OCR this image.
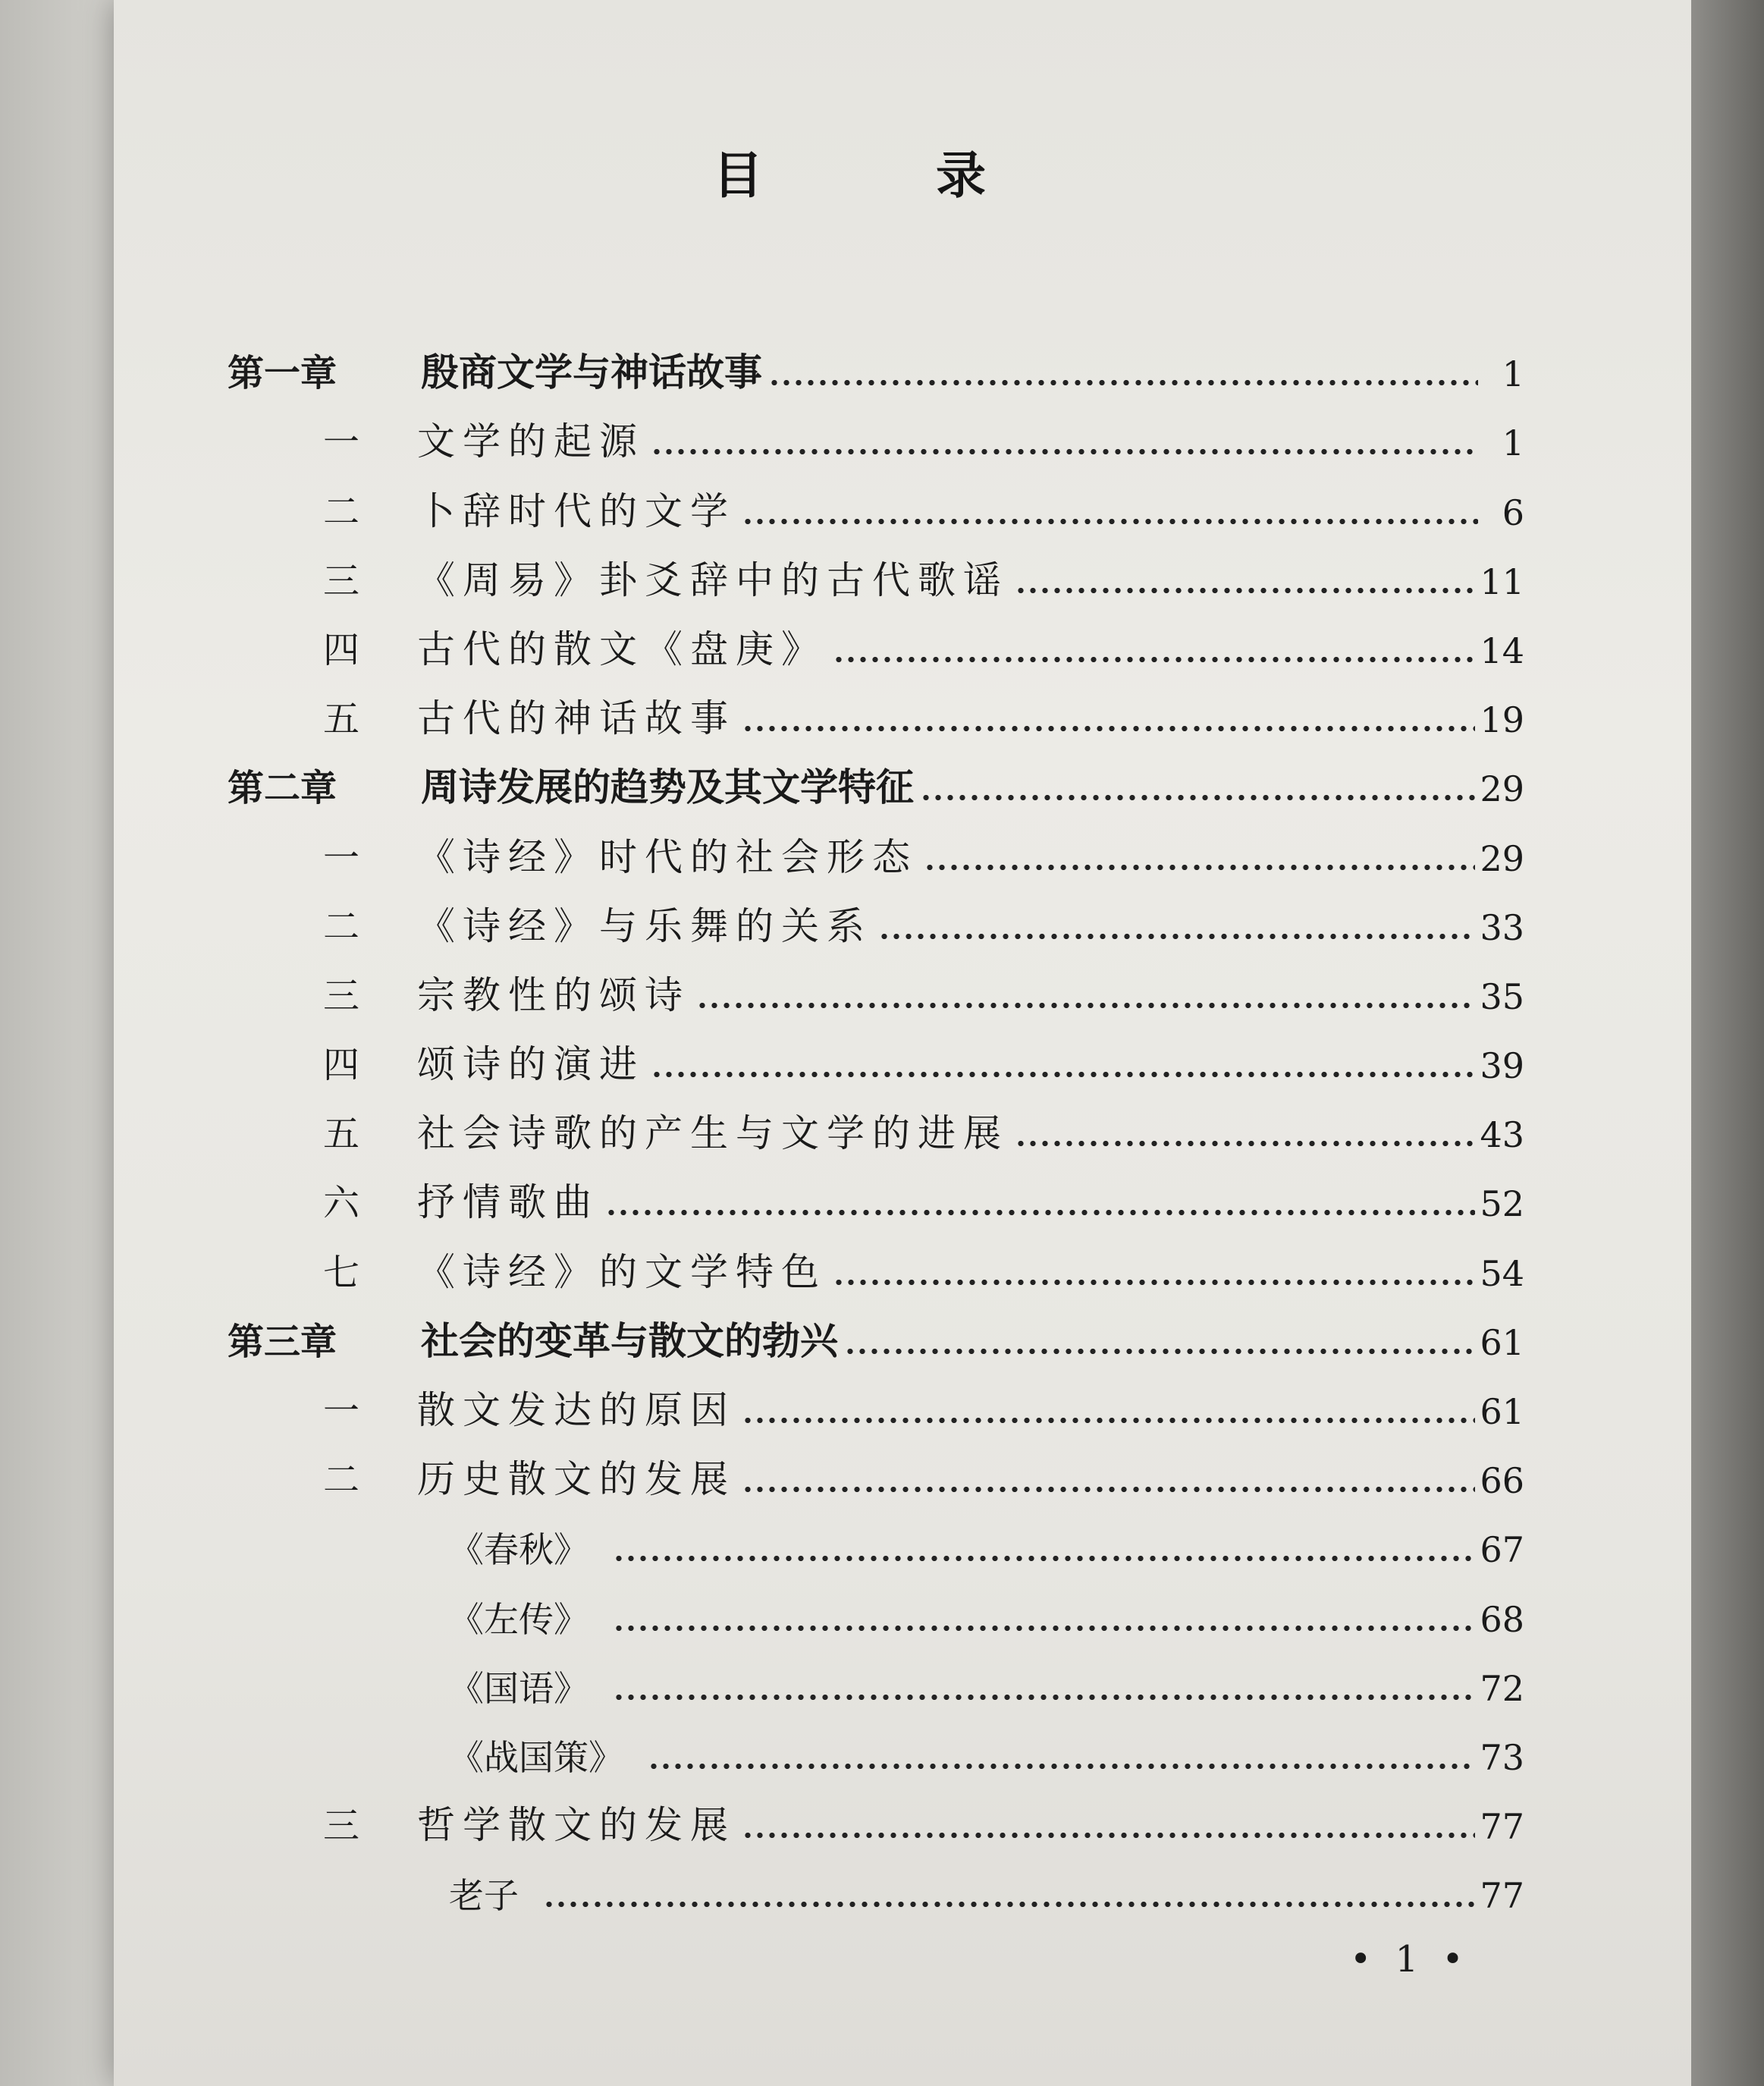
目	录
第一章	殷商文学与神话故事	1
一	文学的起源	1
二	卜辞时代的文学	6
三	《周易》卦爻辞中的古代歌谣	11
四	古代的散文《盘庚》	14
五	古代的神话故事	19
第二章	周诗发展的趋势及其文学特征	29
一	《诗经》时代的社会形态	29
二	《诗经》与乐舞的关系	33
三	宗教性的颂诗	35
四	颂诗的演进	39
五	社会诗歌的产生与文学的进展	43
六	抒情歌曲	52
七	《诗经》的文学特色	54
第三章	社会的变革与散文的勃兴	61
一	散文发达的原因	61
二	历史散文的发展	66
《春秋》	67
《左传》	68
《国语》	72
《战国策》	73
三	哲学散文的发展	77
老子	77
• 1 •
